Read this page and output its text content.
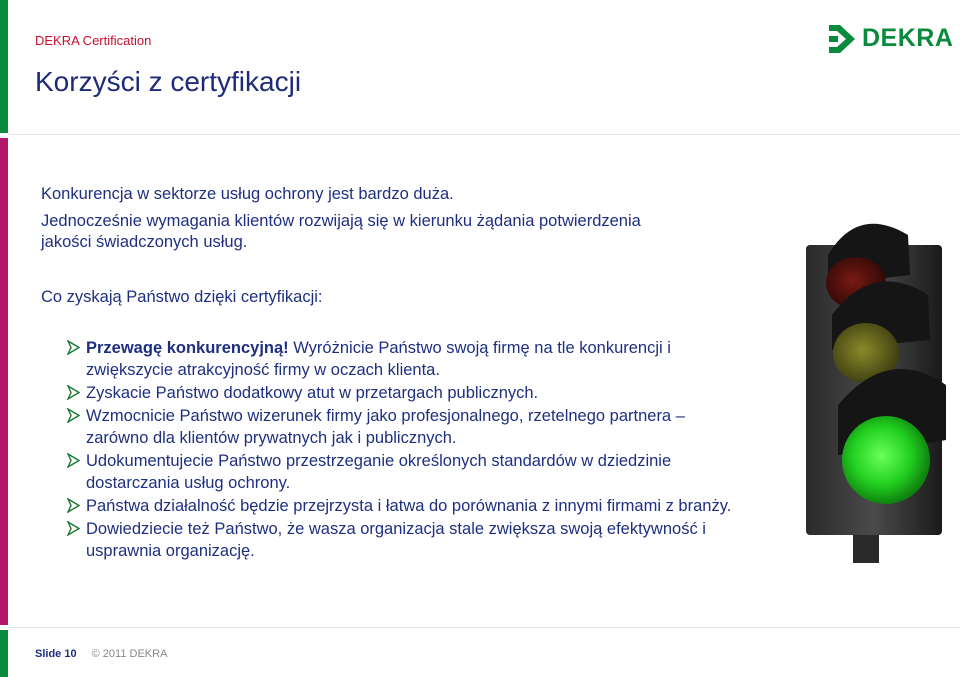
DEKRA Certification
Korzyści z certyfikacji
DEKRA
Konkurencja w sektorze usług ochrony jest bardzo duża.
Jednocześnie wymagania klientów rozwijają się w kierunku żądania potwierdzenia
jakości świadczonych usług.
Co zyskają Państwo dzięki certyfikacji:
Przewagę konkurencyjną! Wyróżnicie Państwo swoją firmę na tle konkurencji i zwiększycie atrakcyjność firmy w oczach klienta.
Zyskacie Państwo dodatkowy atut w przetargach publicznych.
Wzmocnicie Państwo wizerunek firmy jako profesjonalnego, rzetelnego partnera – zarówno dla klientów prywatnych jak i publicznych.
Udokumentujecie Państwo przestrzeganie określonych standardów w dziedzinie dostarczania usług ochrony.
Państwa działalność będzie przejrzysta i łatwa do porównania z innymi firmami z branży.
Dowiedziecie też Państwo, że wasza organizacja stale zwiększa swoją efektywność i usprawnia organizację.
Slide 10 © 2011 DEKRA
